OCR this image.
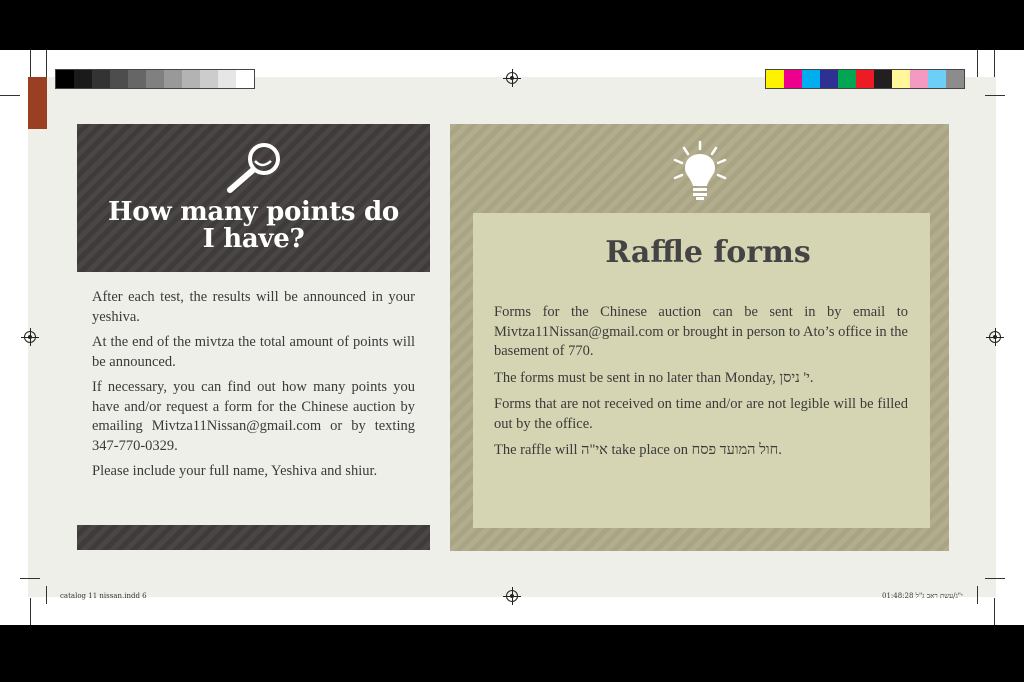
How many points do
I have?

After each test, the results will be announced in your yeshiva.

At the end of the mivtza the total amount of points will be announced.

If necessary, you can find out how many points you have and/or request a form for the Chinese auction by emailing Mivtza11Nissan@gmail.com or by texting 347-770-0329.

Please include your full name, Yeshiva and shiur.

Raffle forms

Forms for the Chinese auction can be sent in by email to Mivtza11Nissan@gmail.com or brought in person to Ato’s office in the basement of 770.

The forms must be sent in no later than Monday, י' ניסן.

Forms that are not received on time and/or are not legible will be filled out by the office.

The raffle will אי"ה take place on חול המועד פסח.

catalog 11 nissan.indd 6	י"ג/עשת ראב ג"ל 01:48:28
